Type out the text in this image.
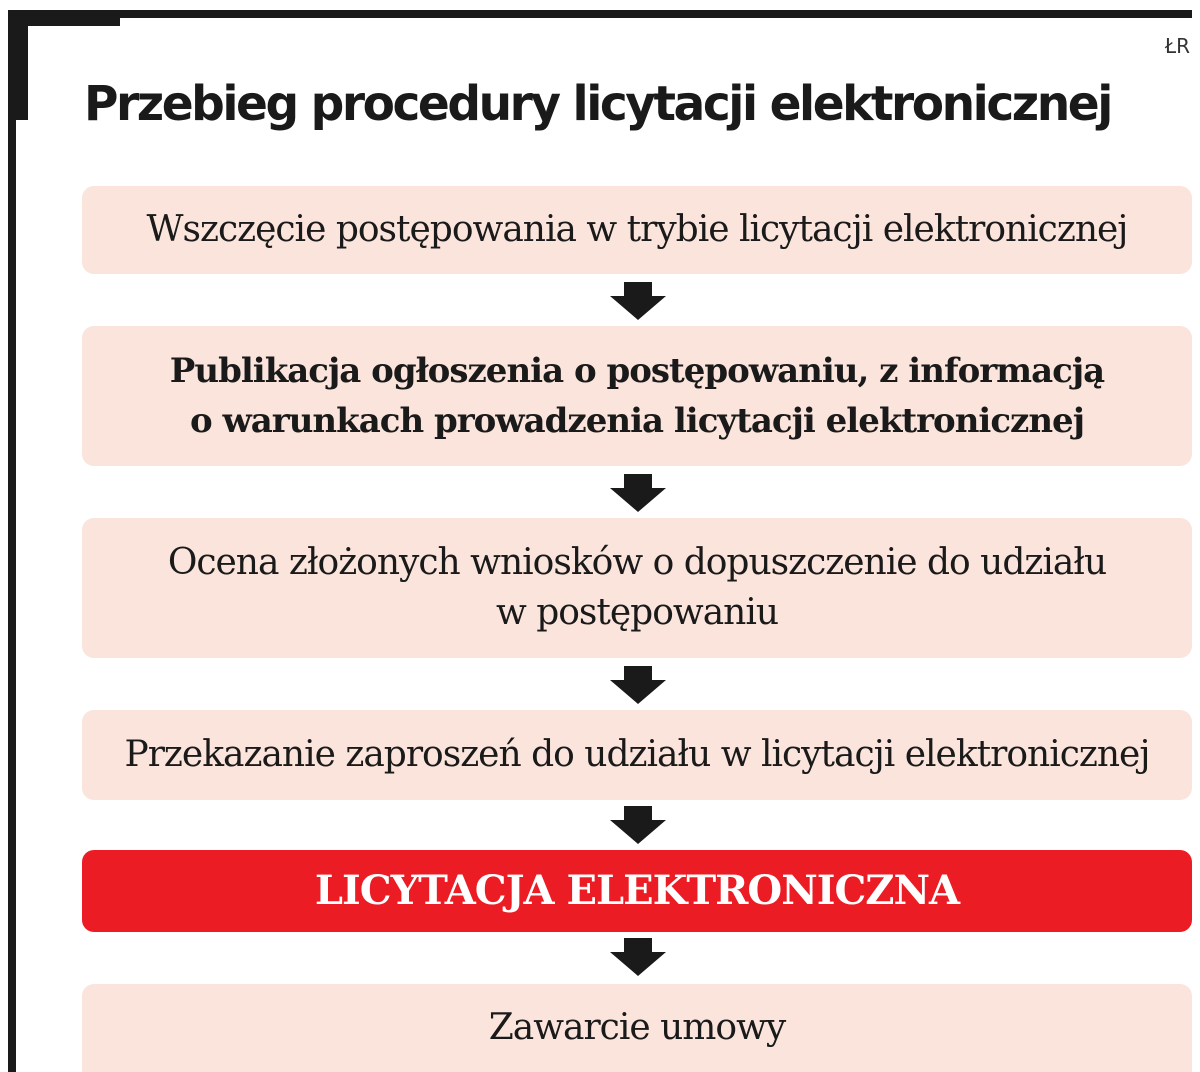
ŁR
Przebieg procedury licytacji elektronicznej
Wszczęcie postępowania w trybie licytacji elektronicznej
Publikacja ogłoszenia o postępowaniu, z informacją
o warunkach prowadzenia licytacji elektronicznej
Ocena złożonych wniosków o dopuszczenie do udziału
w postępowaniu
Przekazanie zaproszeń do udziału w licytacji elektronicznej
LICYTACJA ELEKTRONICZNA
Zawarcie umowy
